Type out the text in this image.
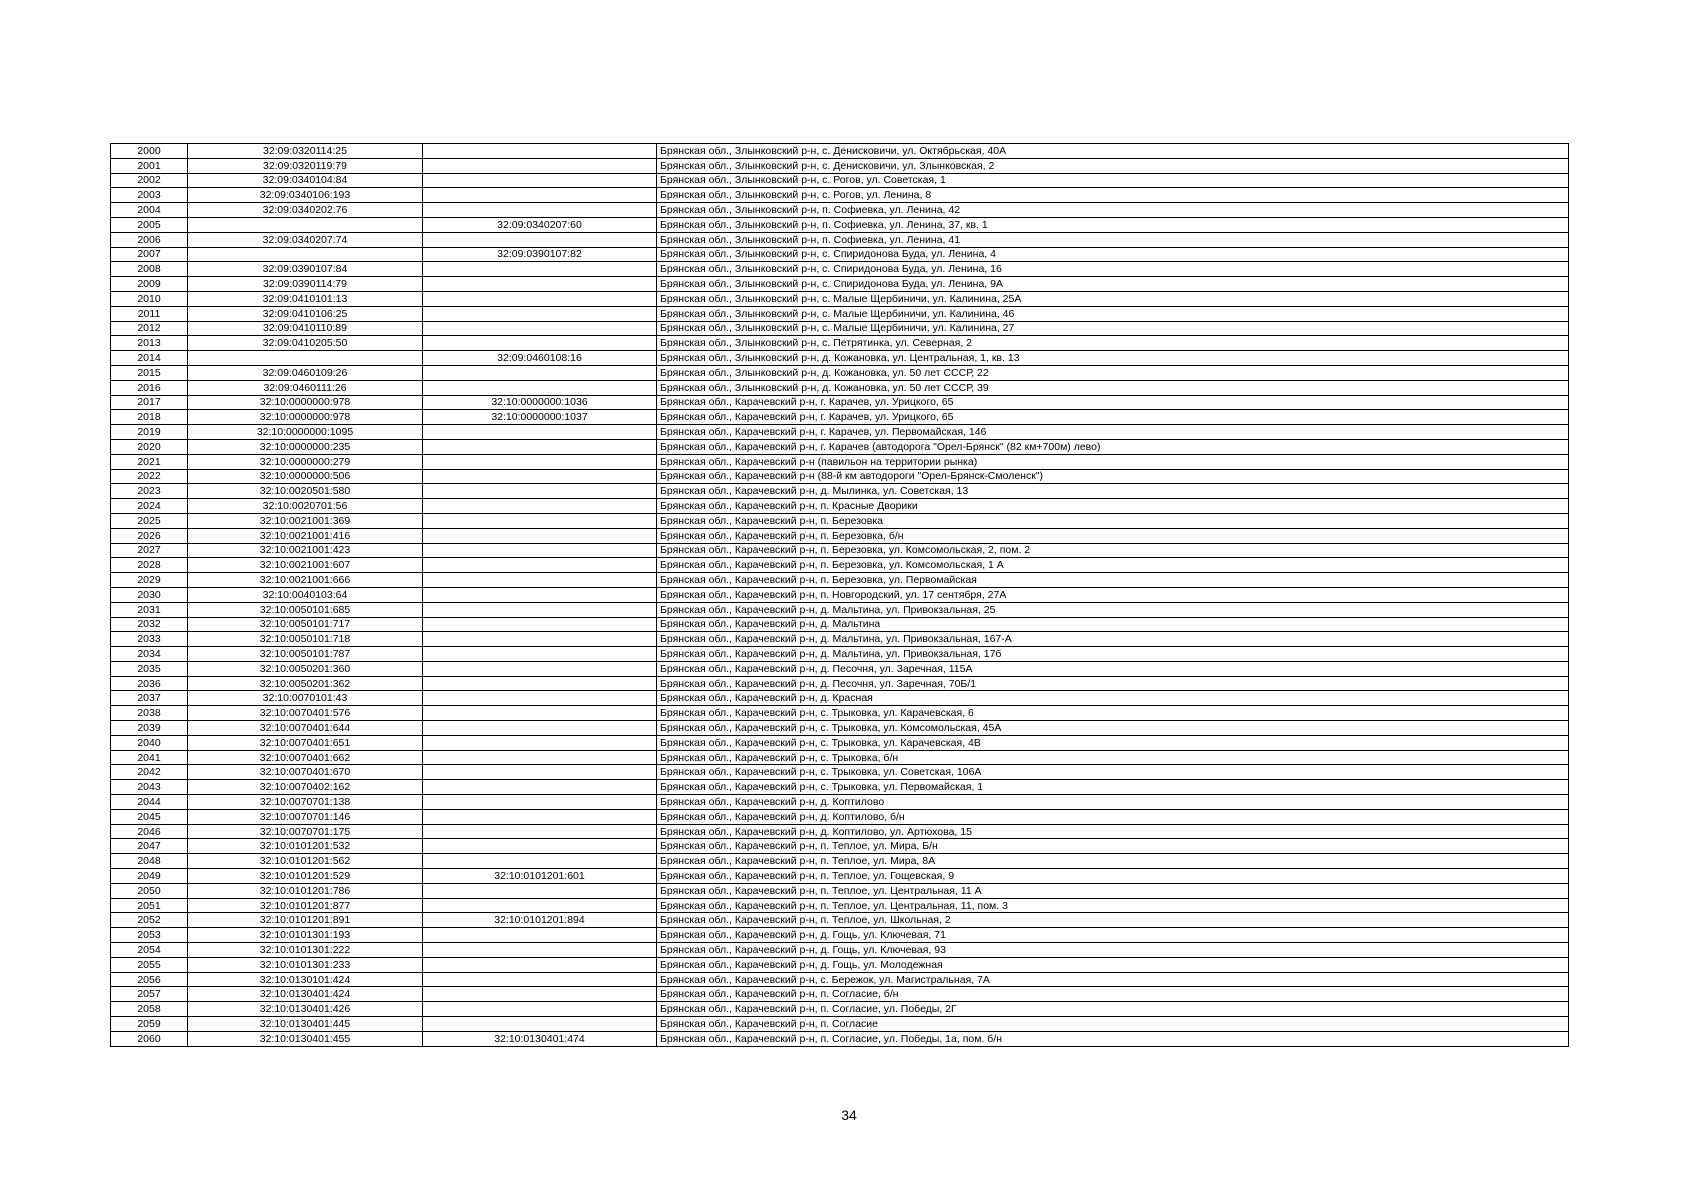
2000	32:09:0320114:25		Брянская обл., Злынковский р-н, с. Денисковичи, ул. Октябрьская, 40А
2001	32:09:0320119:79		Брянская обл., Злынковский р-н, с. Денисковичи, ул. Злынковская, 2
2002	32:09:0340104:84		Брянская обл., Злынковский р-н, с. Рогов, ул. Советская, 1
2003	32:09:0340106:193		Брянская обл., Злынковский р-н, с. Рогов, ул. Ленина, 8
2004	32:09:0340202:76		Брянская обл., Злынковский р-н, п. Софиевка, ул. Ленина, 42
2005		32:09:0340207:60	Брянская обл., Злынковский р-н, п. Софиевка, ул. Ленина, 37, кв. 1
2006	32:09:0340207:74		Брянская обл., Злынковский р-н, п. Софиевка, ул. Ленина, 41
2007		32:09:0390107:82	Брянская обл., Злынковский р-н, с. Спиридонова Буда, ул. Ленина, 4
2008	32:09:0390107:84		Брянская обл., Злынковский р-н, с. Спиридонова Буда, ул. Ленина, 16
2009	32:09:0390114:79		Брянская обл., Злынковский р-н, с. Спиридонова Буда, ул. Ленина, 9А
2010	32:09:0410101:13		Брянская обл., Злынковский р-н, с. Малые Щербиничи, ул. Калинина, 25А
2011	32:09:0410106:25		Брянская обл., Злынковский р-н, с. Малые Щербиничи, ул. Калинина, 46
2012	32:09:0410110:89		Брянская обл., Злынковский р-н, с. Малые Щербиничи, ул. Калинина, 27
2013	32:09:0410205:50		Брянская обл., Злынковский р-н, с. Петрятинка, ул. Северная, 2
2014		32:09:0460108:16	Брянская обл., Злынковский р-н, д. Кожановка, ул. Центральная, 1, кв. 13
2015	32:09:0460109:26		Брянская обл., Злынковский р-н, д. Кожановка, ул. 50 лет СССР, 22
2016	32:09:0460111:26		Брянская обл., Злынковский р-н, д. Кожановка, ул. 50 лет СССР, 39
2017	32:10:0000000:978	32:10:0000000:1036	Брянская обл., Карачевский р-н, г. Карачев, ул. Урицкого, 65
2018	32:10:0000000:978	32:10:0000000:1037	Брянская обл., Карачевский р-н, г. Карачев, ул. Урицкого, 65
2019	32:10:0000000:1095		Брянская обл., Карачевский р-н, г. Карачев, ул. Первомайская, 146
2020	32:10:0000000:235		Брянская обл., Карачевский р-н, г. Карачев (автодорога "Орел-Брянск" (82 км+700м) лево)
2021	32:10:0000000:279		Брянская обл., Карачевский р-н (павильон на территории рынка)
2022	32:10:0000000:506		Брянская обл., Карачевский р-н (88-й км автодороги "Орел-Брянск-Смоленск")
2023	32:10:0020501:580		Брянская обл., Карачевский р-н, д. Мылинка, ул. Советская, 13
2024	32:10:0020701:56		Брянская обл., Карачевский р-н, п. Красные Дворики
2025	32:10:0021001:369		Брянская обл., Карачевский р-н, п. Березовка
2026	32:10:0021001:416		Брянская обл., Карачевский р-н, п. Березовка, б/н
2027	32:10:0021001:423		Брянская обл., Карачевский р-н, п. Березовка, ул. Комсомольская, 2, пом. 2
2028	32:10:0021001:607		Брянская обл., Карачевский р-н, п. Березовка, ул. Комсомольская, 1 А
2029	32:10:0021001:666		Брянская обл., Карачевский р-н, п. Березовка, ул. Первомайская
2030	32:10:0040103:64		Брянская обл., Карачевский р-н, п. Новгородский, ул. 17 сентября, 27А
2031	32:10:0050101:685		Брянская обл., Карачевский р-н, д. Мальтина, ул. Привокзальная, 25
2032	32:10:0050101:717		Брянская обл., Карачевский р-н, д. Мальтина
2033	32:10:0050101:718		Брянская обл., Карачевский р-н, д. Мальтина, ул. Привокзальная, 167-А
2034	32:10:0050101:787		Брянская обл., Карачевский р-н, д. Мальтина, ул. Привокзальная, 17б
2035	32:10:0050201:360		Брянская обл., Карачевский р-н, д. Песочня, ул. Заречная, 115А
2036	32:10:0050201:362		Брянская обл., Карачевский р-н, д. Песочня, ул. Заречная, 70Б/1
2037	32:10:0070101:43		Брянская обл., Карачевский р-н, д. Красная
2038	32:10:0070401:576		Брянская обл., Карачевский р-н, с. Трыковка, ул. Карачевская, 6
2039	32:10:0070401:644		Брянская обл., Карачевский р-н, с. Трыковка, ул. Комсомольская, 45А
2040	32:10:0070401:651		Брянская обл., Карачевский р-н, с. Трыковка, ул. Карачевская, 4В
2041	32:10:0070401:662		Брянская обл., Карачевский р-н, с. Трыковка, б/н
2042	32:10:0070401:670		Брянская обл., Карачевский р-н, с. Трыковка, ул. Советская, 106А
2043	32:10:0070402:162		Брянская обл., Карачевский р-н, с. Трыковка, ул. Первомайская, 1
2044	32:10:0070701:138		Брянская обл., Карачевский р-н, д. Коптилово
2045	32:10:0070701:146		Брянская обл., Карачевский р-н, д. Коптилово, б/н
2046	32:10:0070701:175		Брянская обл., Карачевский р-н, д. Коптилово, ул. Артюхова, 15
2047	32:10:0101201:532		Брянская обл., Карачевский р-н, п. Теплое, ул. Мира, Б/н
2048	32:10:0101201:562		Брянская обл., Карачевский р-н, п. Теплое, ул. Мира, 8А
2049	32:10:0101201:529	32:10:0101201:601	Брянская обл., Карачевский р-н, п. Теплое, ул. Гощевская, 9
2050	32:10:0101201:786		Брянская обл., Карачевский р-н, п. Теплое, ул. Центральная, 11 А
2051	32:10:0101201:877		Брянская обл., Карачевский р-н, п. Теплое, ул. Центральная, 11, пом. 3
2052	32:10:0101201:891	32:10:0101201:894	Брянская обл., Карачевский р-н, п. Теплое, ул. Школьная, 2
2053	32:10:0101301:193		Брянская обл., Карачевский р-н, д. Гощь, ул. Ключевая, 71
2054	32:10:0101301:222		Брянская обл., Карачевский р-н, д. Гощь, ул. Ключевая, 93
2055	32:10:0101301:233		Брянская обл., Карачевский р-н, д. Гощь, ул. Молодежная
2056	32:10:0130101:424		Брянская обл., Карачевский р-н, с. Бережок, ул. Магистральная, 7А
2057	32:10:0130401:424		Брянская обл., Карачевский р-н, п. Согласие, б/н
2058	32:10:0130401:426		Брянская обл., Карачевский р-н, п. Согласие, ул. Победы, 2Г
2059	32:10:0130401:445		Брянская обл., Карачевский р-н, п. Согласие
2060	32:10:0130401:455	32:10:0130401:474	Брянская обл., Карачевский р-н, п. Согласие, ул. Победы, 1а, пом. б/н
34
